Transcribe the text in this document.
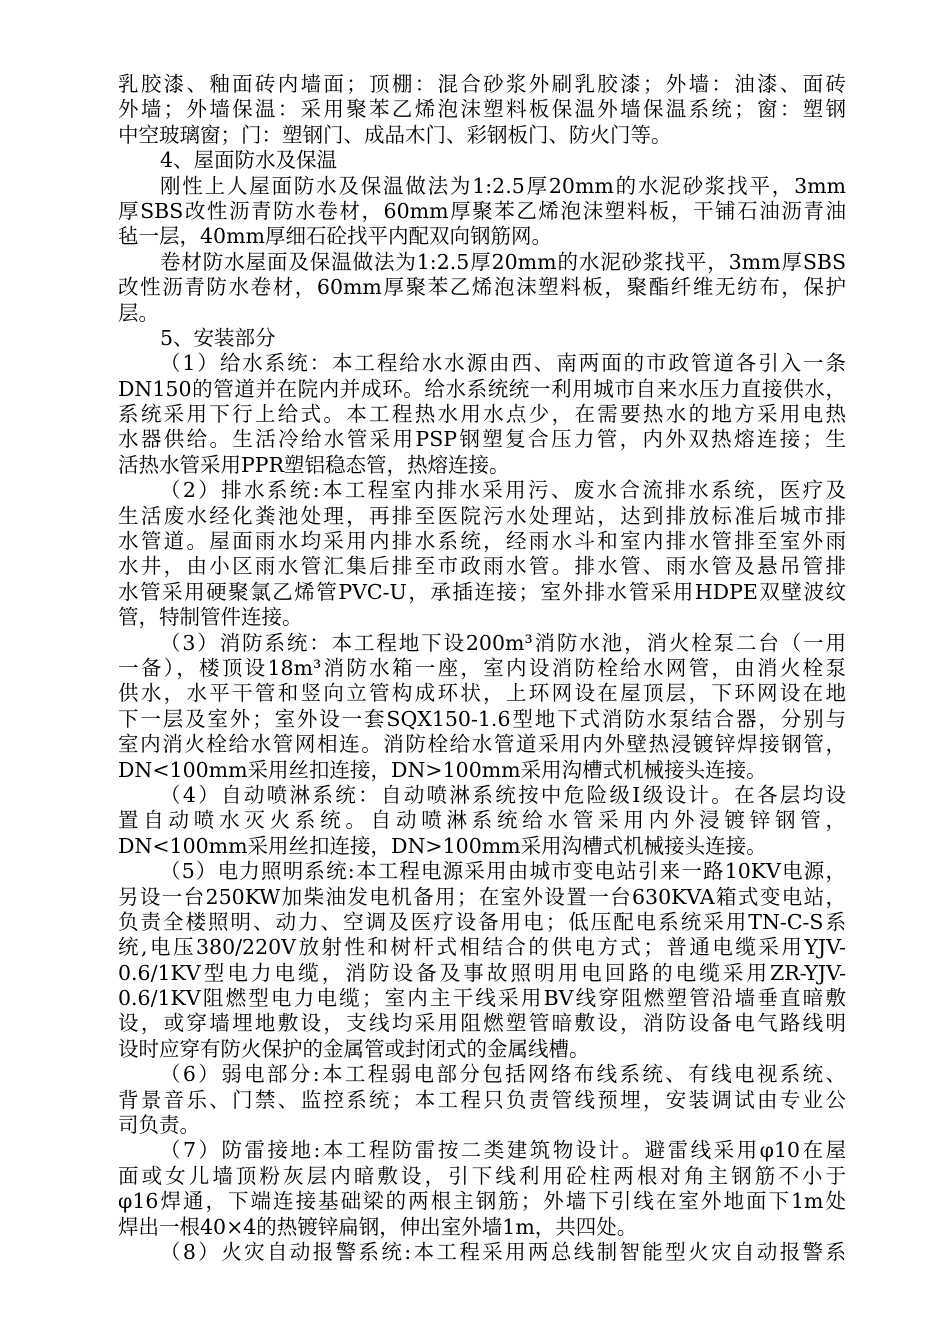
乳胶漆、釉面砖内墙面；顶棚：混合砂浆外刷乳胶漆；外墙：油漆、面砖
外墙；外墙保温：采用聚苯乙烯泡沫塑料板保温外墙保温系统；窗：塑钢
中空玻璃窗；门：塑钢门、成品木门、彩钢板门、防火门等。
4、屋面防水及保温
刚性上人屋面防水及保温做法为1:2.5厚20mm的水泥砂浆找平，3mm
厚SBS改性沥青防水卷材，60mm厚聚苯乙烯泡沫塑料板，干铺石油沥青油
毡一层，40mm厚细石砼找平内配双向钢筋网。
卷材防水屋面及保温做法为1:2.5厚20mm的水泥砂浆找平，3mm厚SBS
改性沥青防水卷材，60mm厚聚苯乙烯泡沫塑料板，聚酯纤维无纺布，保护
层。
5、安装部分
（1）给水系统：本工程给水水源由西、南两面的市政管道各引入一条
DN150的管道并在院内并成环。给水系统统一利用城市自来水压力直接供水，
系统采用下行上给式。本工程热水用水点少，在需要热水的地方采用电热
水器供给。生活冷给水管采用PSP钢塑复合压力管，内外双热熔连接；生
活热水管采用PPR塑铝稳态管，热熔连接。
（2）排水系统:本工程室内排水采用污、废水合流排水系统，医疗及
生活废水经化粪池处理，再排至医院污水处理站，达到排放标准后城市排
水管道。屋面雨水均采用内排水系统，经雨水斗和室内排水管排至室外雨
水井，由小区雨水管汇集后排至市政雨水管。排水管、雨水管及悬吊管排
水管采用硬聚氯乙烯管PVC-U，承插连接；室外排水管采用HDPE双壁波纹
管，特制管件连接。
（3）消防系统：本工程地下设200m³消防水池，消火栓泵二台（一用
一备），楼顶设18m³消防水箱一座，室内设消防栓给水网管，由消火栓泵
供水，水平干管和竖向立管构成环状，上环网设在屋顶层，下环网设在地
下一层及室外；室外设一套SQX150-1.6型地下式消防水泵结合器，分别与
室内消火栓给水管网相连。消防栓给水管道采用内外壁热浸镀锌焊接钢管，
DN<100mm采用丝扣连接，DN>100mm采用沟槽式机械接头连接。
（4）自动喷淋系统：自动喷淋系统按中危险级Ⅰ级设计。在各层均设
置自动喷水灭火系统。自动喷淋系统给水管采用内外浸镀锌钢管，
DN<100mm采用丝扣连接，DN>100mm采用沟槽式机械接头连接。
（5）电力照明系统:本工程电源采用由城市变电站引来一路10KV电源，
另设一台250KW加柴油发电机备用；在室外设置一台630KVA箱式变电站，
负责全楼照明、动力、空调及医疗设备用电；低压配电系统采用TN-C-S系
统,电压380/220V放射性和树杆式相结合的供电方式；普通电缆采用YJV-
0.6/1KV型电力电缆，消防设备及事故照明用电回路的电缆采用ZR-YJV-
0.6/1KV阻燃型电力电缆；室内主干线采用BV线穿阻燃塑管沿墙垂直暗敷
设，或穿墙埋地敷设，支线均采用阻燃塑管暗敷设，消防设备电气路线明
设时应穿有防火保护的金属管或封闭式的金属线槽。
（6）弱电部分:本工程弱电部分包括网络布线系统、有线电视系统、
背景音乐、门禁、监控系统；本工程只负责管线预埋，安装调试由专业公
司负责。
（7）防雷接地:本工程防雷按二类建筑物设计。避雷线采用φ10在屋
面或女儿墙顶粉灰层内暗敷设，引下线利用砼柱两根对角主钢筋不小于
φ16焊通，下端连接基础梁的两根主钢筋；外墙下引线在室外地面下1m处
焊出一根40×4的热镀锌扁钢，伸出室外墙1m，共四处。
（8）火灾自动报警系统:本工程采用两总线制智能型火灾自动报警系
